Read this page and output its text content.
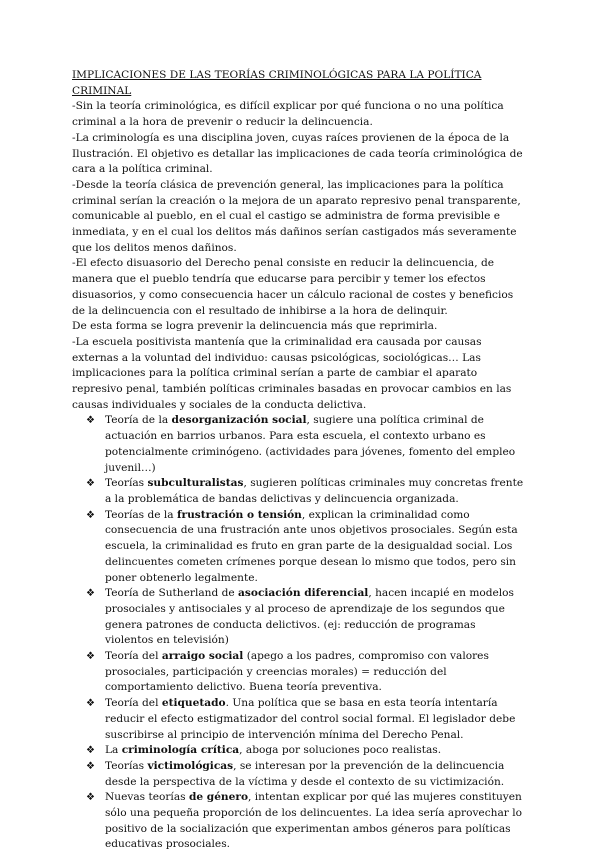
IMPLICACIONES DE LAS TEORÍAS CRIMINOLÓGICAS PARA LA POLÍTICA CRIMINAL

-Sin la teoría criminológica, es difícil explicar por qué funciona o no una política criminal a la hora de prevenir o reducir la delincuencia.

-La criminología es una disciplina joven, cuyas raíces provienen de la época de la Ilustración. El objetivo es detallar las implicaciones de cada teoría criminológica de cara a la política criminal.

-Desde la teoría clásica de prevención general, las implicaciones para la política criminal serían la creación o la mejora de un aparato represivo penal transparente, comunicable al pueblo, en el cual el castigo se administra de forma previsible e inmediata, y en el cual los delitos más dañinos serían castigados más severamente que los delitos menos dañinos.

-El efecto disuasorio del Derecho penal consiste en reducir la delincuencia, de manera que el pueblo tendría que educarse para percibir y temer los efectos disuasorios, y como consecuencia hacer un cálculo racional de costes y beneficios de la delincuencia con el resultado de inhibirse a la hora de delinquir.

De esta forma se logra prevenir la delincuencia más que reprimirla.

-La escuela positivista mantenía que la criminalidad era causada por causas externas a la voluntad del individuo: causas psicológicas, sociológicas… Las implicaciones para la política criminal serían a parte de cambiar el aparato represivo penal, también políticas criminales basadas en provocar cambios en las causas individuales y sociales de la conducta delictiva.

❖ Teoría de la desorganización social, sugiere una política criminal de actuación en barrios urbanos. Para esta escuela, el contexto urbano es potencialmente criminógeno. (actividades para jóvenes, fomento del empleo juvenil…)
❖ Teorías subculturalistas, sugieren políticas criminales muy concretas frente a la problemática de bandas delictivas y delincuencia organizada.
❖ Teorías de la frustración o tensión, explican la criminalidad como consecuencia de una frustración ante unos objetivos prosociales. Según esta escuela, la criminalidad es fruto en gran parte de la desigualdad social. Los delincuentes cometen crímenes porque desean lo mismo que todos, pero sin poner obtenerlo legalmente.
❖ Teoría de Sutherland de asociación diferencial, hacen incapié en modelos prosociales y antisociales y al proceso de aprendizaje de los segundos que genera patrones de conducta delictivos. (ej: reducción de programas violentos en televisión)
❖ Teoría del arraigo social (apego a los padres, compromiso con valores prosociales, participación y creencias morales) = reducción del comportamiento delictivo. Buena teoría preventiva.
❖ Teoría del etiquetado. Una política que se basa en esta teoría intentaría reducir el efecto estigmatizador del control social formal. El legislador debe suscribirse al principio de intervención mínima del Derecho Penal.
❖ La criminología crítica, aboga por soluciones poco realistas.
❖ Teorías victimológicas, se interesan por la prevención de la delincuencia desde la perspectiva de la víctima y desde el contexto de su victimización.
❖ Nuevas teorías de género, intentan explicar por qué las mujeres constituyen sólo una pequeña proporción de los delincuentes. La idea sería aprovechar lo positivo de la socialización que experimentan ambos géneros para políticas educativas prosociales.
